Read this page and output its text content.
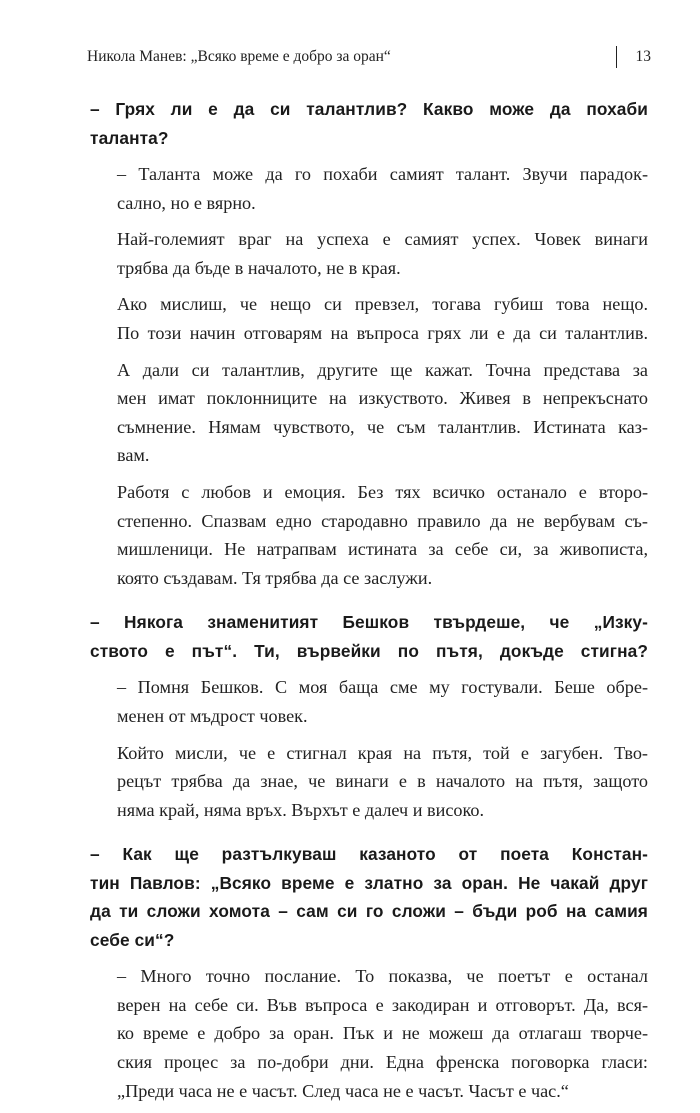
Никола Манев: „Всяко време е добро за оран“	13
– Грях ли е да си талантлив? Какво може да похаби
таланта?
– Таланта може да го похаби самият талант. Звучи парадок-
сално, но е вярно.
Най-големият враг на успеха е самият успех. Човек винаги
трябва да бъде в началото, не в края.
Ако мислиш, че нещо си превзел, тогава губиш това нещо.
По този начин отговарям на въпроса грях ли е да си талантлив.
А дали си талантлив, другите ще кажат. Точна представа за
мен имат поклонниците на изкуството. Живея в непрекъснато
съмнение. Нямам чувството, че съм талантлив. Истината каз-
вам.
Работя с любов и емоция. Без тях всичко останало е второ-
степенно. Спазвам едно стародавно правило да не вербувам съ-
мишленици. Не натрапвам истината за себе си, за живописта,
която създавам. Тя трябва да се заслужи.
– Някога знаменитият Бешков твърдеше, че „Изку-
ството е път“. Ти, вървейки по пътя, докъде стигна?
– Помня Бешков. С моя баща сме му гостували. Беше обре-
менен от мъдрост човек.
Който мисли, че е стигнал края на пътя, той е загубен. Тво-
рецът трябва да знае, че винаги е в началото на пътя, защото
няма край, няма връх. Върхът е далеч и високо.
– Как ще разтълкуваш казаното от поета Констан-
тин Павлов: „Всяко време е златно за оран. Не чакай друг
да ти сложи хомота – сам си го сложи – бъди роб на самия
себе си“?
– Много точно послание. То показва, че поетът е останал
верен на себе си. Във въпроса е закодиран и отговорът. Да, вся-
ко време е добро за оран. Пък и не можеш да отлагаш творче-
ския процес за по-добри дни. Една френска поговорка гласи:
„Преди часа не е часът. След часа не е часът. Часът е час.“
